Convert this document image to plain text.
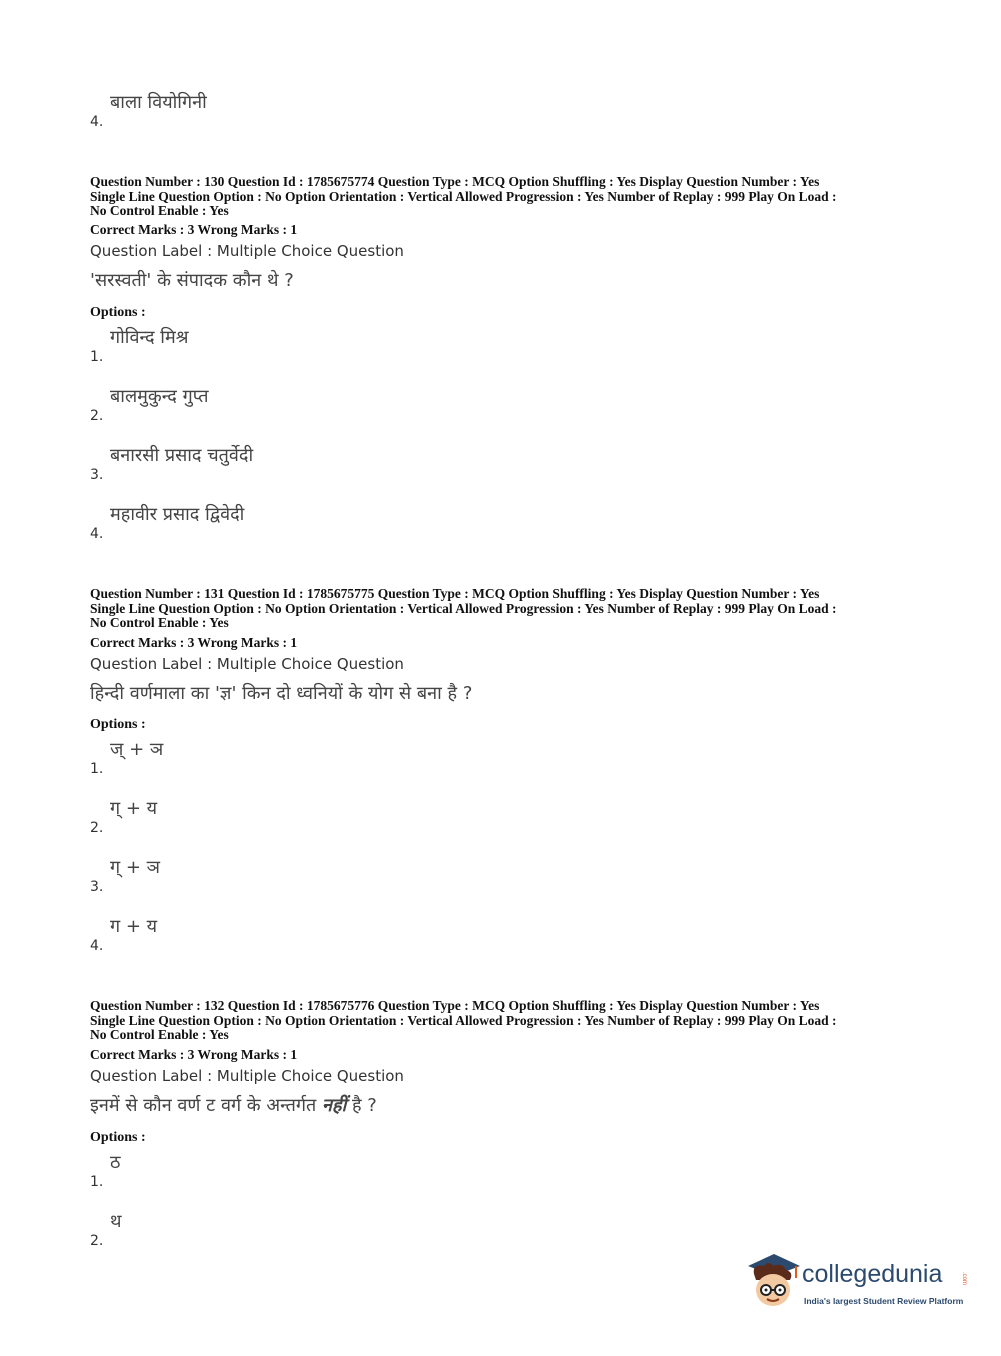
4.
बाला वियोगिनी
Question Number : 130 Question Id : 1785675774 Question Type : MCQ Option Shuffling : Yes Display Question Number : Yes
Single Line Question Option : No Option Orientation : Vertical Allowed Progression : Yes Number of Replay : 999 Play On Load :
No Control Enable : Yes
Correct Marks : 3 Wrong Marks : 1
Question Label : Multiple Choice Question
'सरस्वती' के संपादक कौन थे ?
Options :
1.
गोविन्द मिश्र
2.
बालमुकुन्द गुप्त
3.
बनारसी प्रसाद चतुर्वेदी
4.
महावीर प्रसाद द्विवेदी
Question Number : 131 Question Id : 1785675775 Question Type : MCQ Option Shuffling : Yes Display Question Number : Yes
Single Line Question Option : No Option Orientation : Vertical Allowed Progression : Yes Number of Replay : 999 Play On Load :
No Control Enable : Yes
Correct Marks : 3 Wrong Marks : 1
Question Label : Multiple Choice Question
हिन्दी वर्णमाला का 'ज्ञ' किन दो ध्वनियों के योग से बना है ?
Options :
1.
ज् + ञ
2.
ग् + य
3.
ग् + ञ
4.
ग + य
Question Number : 132 Question Id : 1785675776 Question Type : MCQ Option Shuffling : Yes Display Question Number : Yes
Single Line Question Option : No Option Orientation : Vertical Allowed Progression : Yes Number of Replay : 999 Play On Load :
No Control Enable : Yes
Correct Marks : 3 Wrong Marks : 1
Question Label : Multiple Choice Question
इनमें से कौन वर्ण ट वर्ग के अन्तर्गत नहीं है ?
Options :
1.
ठ
2.
थ
collegedunia	.com
India's largest Student Review Platform
